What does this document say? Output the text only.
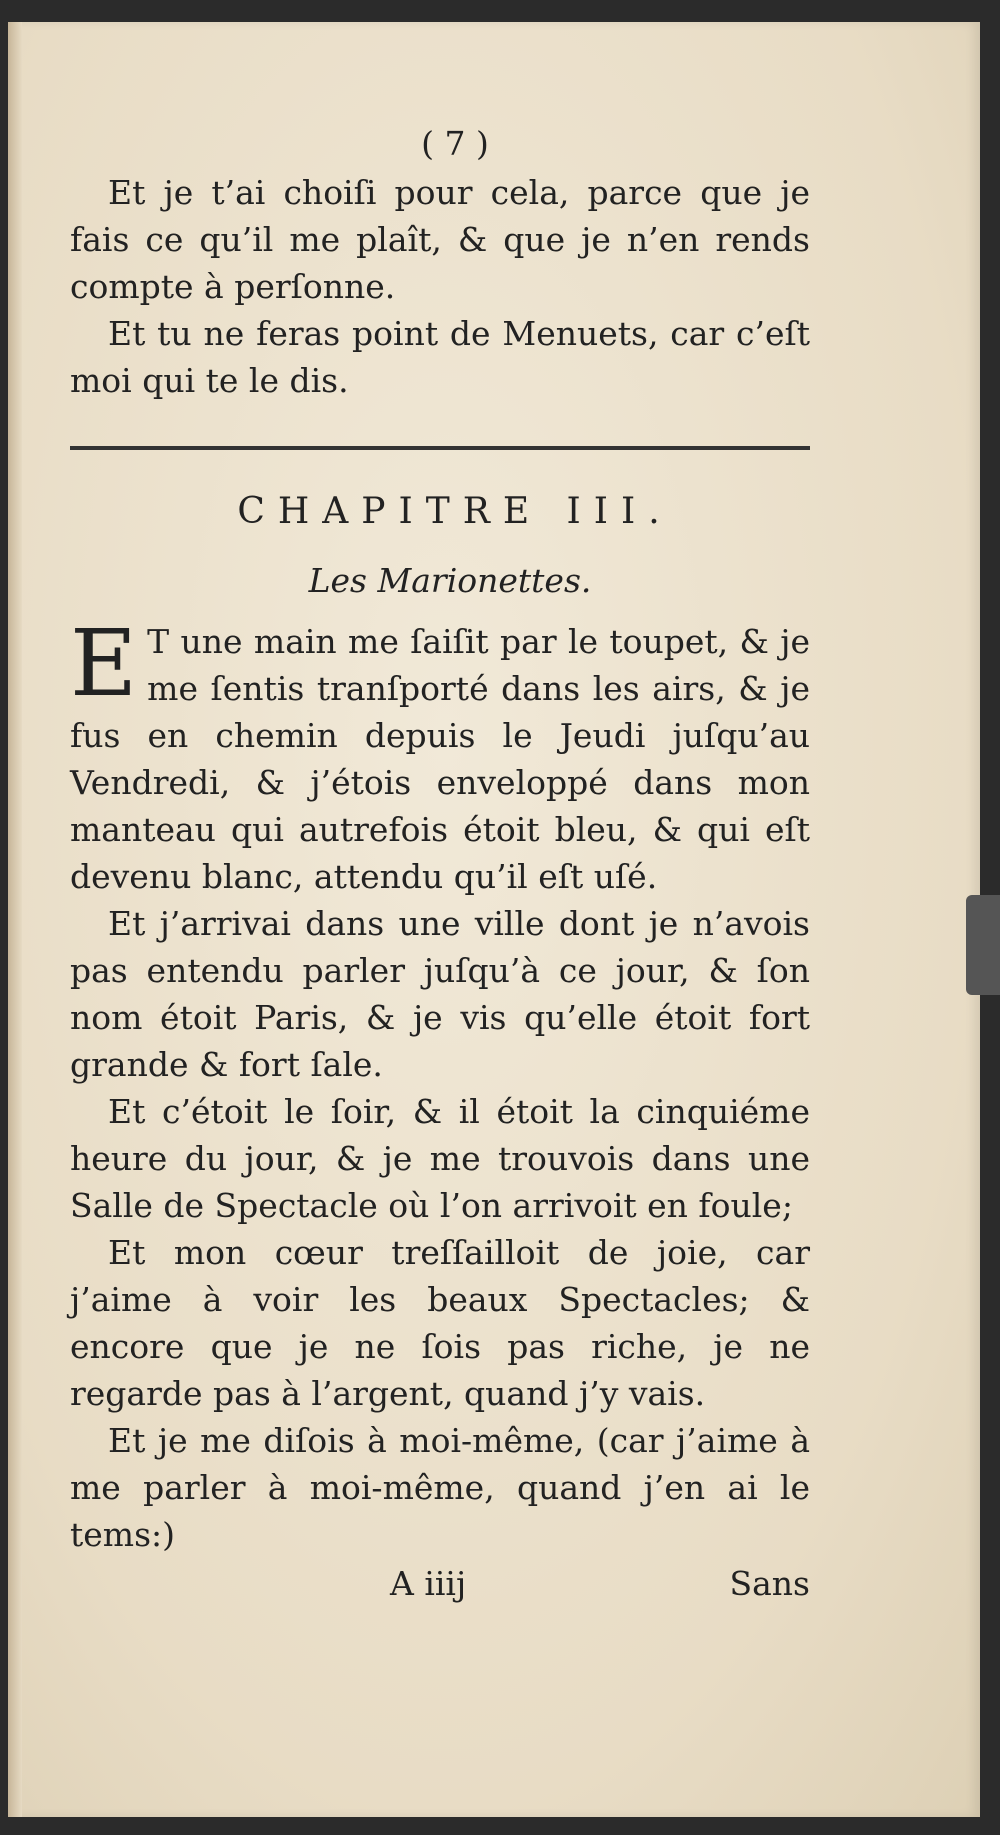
( 7 )

Et je t’ai choiſi pour cela, parce que je fais ce qu’il me plaît, & que je n’en rends compte à perſonne.

Et tu ne feras point de Menuets, car c’eſt moi qui te le dis.

CHAPITRE III.
Les Marionettes.

E T une main me ſaiſit par le toupet, & je me ſentis tranſporté dans les airs, & je fus en chemin depuis le Jeudi juſqu’au Vendredi, & j’étois enveloppé dans mon manteau qui autrefois étoit bleu, & qui eſt devenu blanc, attendu qu’il eſt uſé.

Et j’arrivai dans une ville dont je n’avois pas entendu parler juſqu’à ce jour, & ſon nom étoit Paris, & je vis qu’elle étoit fort grande & fort ſale.

Et c’étoit le ſoir, & il étoit la cinquiéme heure du jour, & je me trouvois dans une Salle de Spectacle où l’on arrivoit en foule;

Et mon cœur treſſailloit de joie, car j’aime à voir les beaux Spectacles; & encore que je ne ſois pas riche, je ne regarde pas à l’argent, quand j’y vais.

Et je me diſois à moi-même, (car j’aime à me parler à moi-même, quand j’en ai le tems:)

A iiij	Sans
